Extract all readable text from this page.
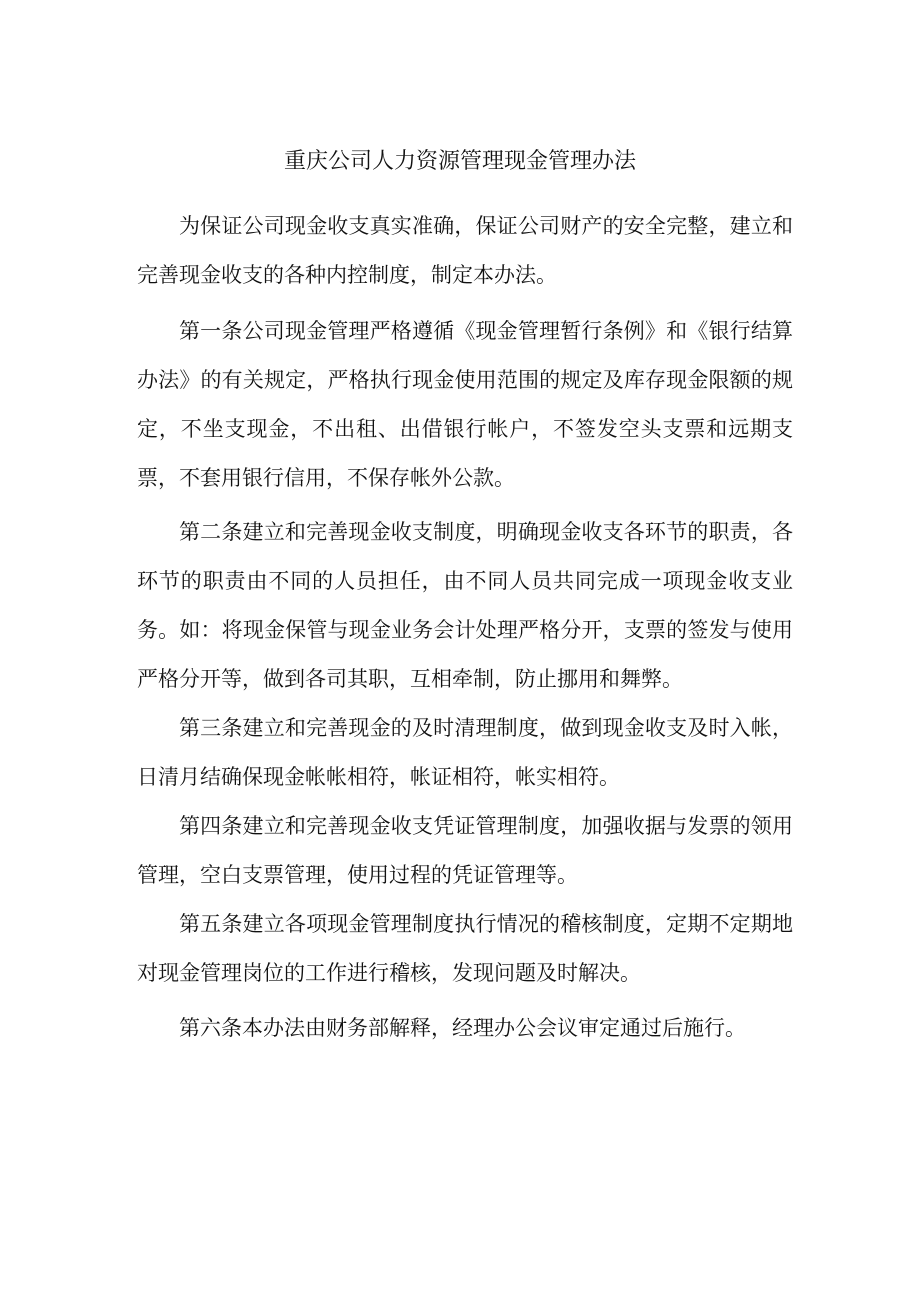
重庆公司人力资源管理现金管理办法

为保证公司现金收支真实准确，保证公司财产的安全完整，建立和完善现金收支的各种内控制度，制定本办法。

第一条公司现金管理严格遵循《现金管理暂行条例》和《银行结算办法》的有关规定，严格执行现金使用范围的规定及库存现金限额的规定，不坐支现金，不出租、出借银行帐户，不签发空头支票和远期支票，不套用银行信用，不保存帐外公款。

第二条建立和完善现金收支制度，明确现金收支各环节的职责，各环节的职责由不同的人员担任，由不同人员共同完成一项现金收支业务。如：将现金保管与现金业务会计处理严格分开，支票的签发与使用严格分开等，做到各司其职，互相牵制，防止挪用和舞弊。

第三条建立和完善现金的及时清理制度，做到现金收支及时入帐，日清月结确保现金帐帐相符，帐证相符，帐实相符。

第四条建立和完善现金收支凭证管理制度，加强收据与发票的领用管理，空白支票管理，使用过程的凭证管理等。

第五条建立各项现金管理制度执行情况的稽核制度，定期不定期地对现金管理岗位的工作进行稽核，发现问题及时解决。

第六条本办法由财务部解释，经理办公会议审定通过后施行。
